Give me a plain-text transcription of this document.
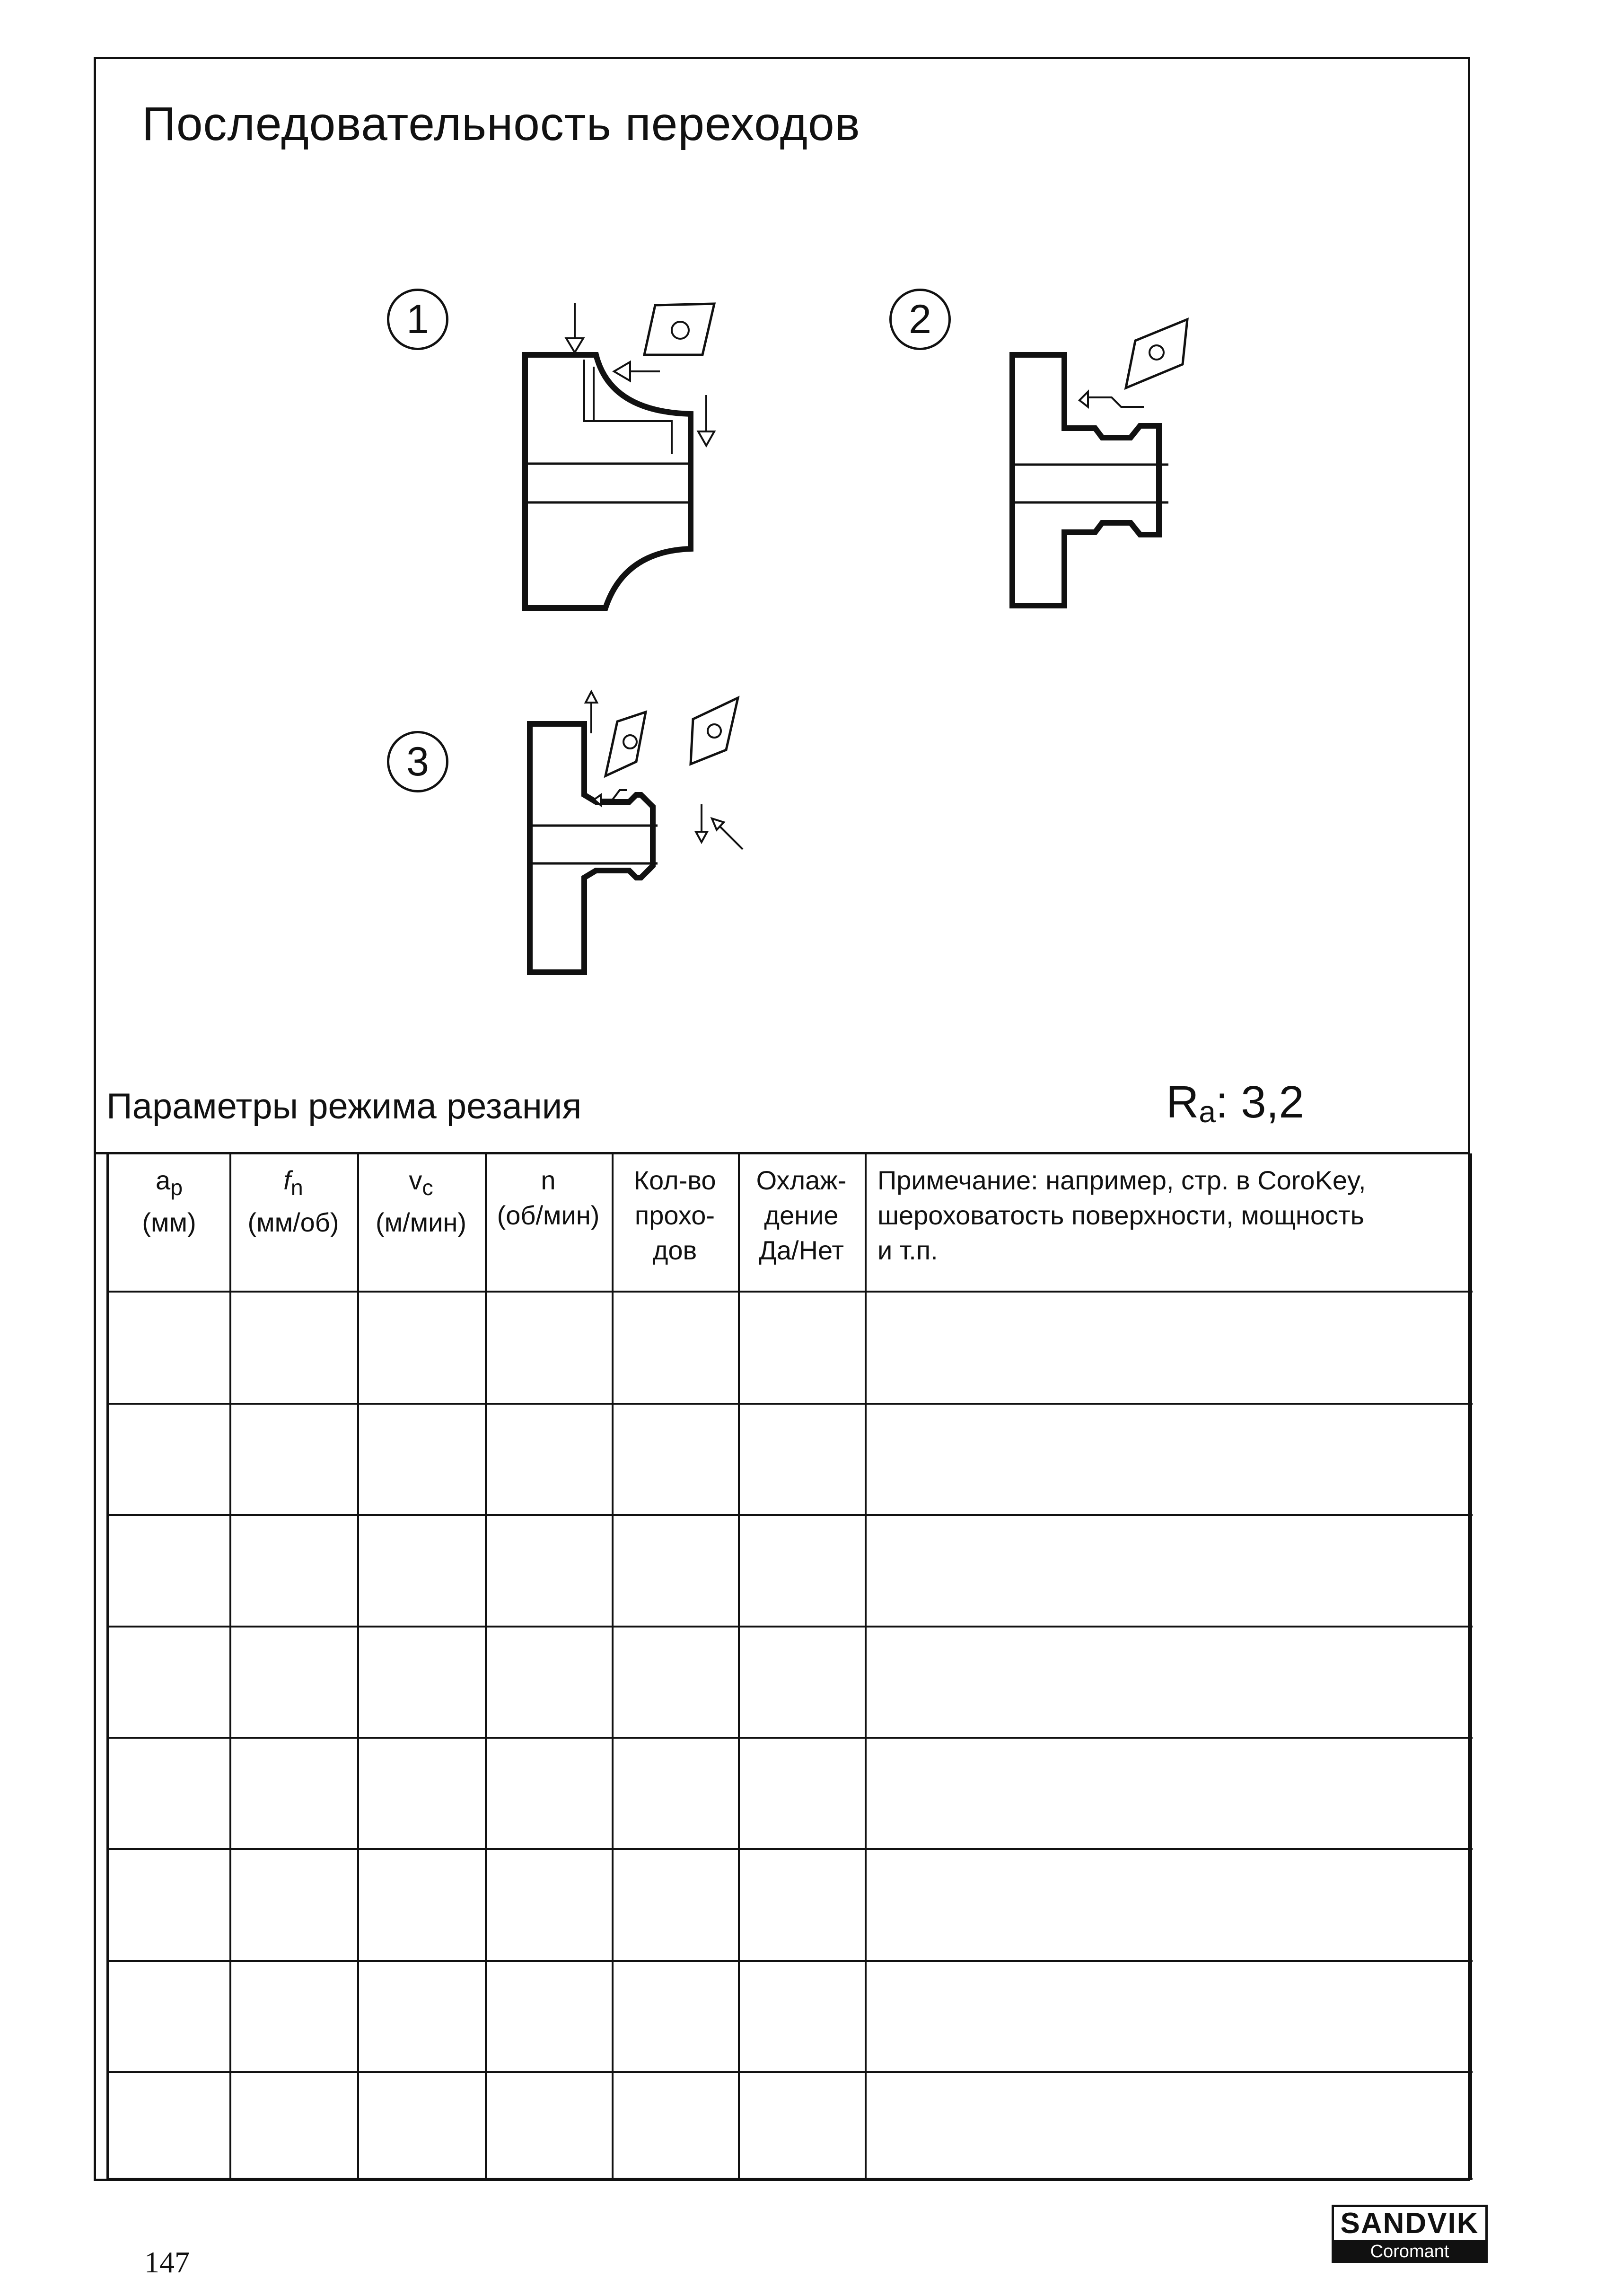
Последовательность переходов
1	2
3
Параметры режима резания	$R_a$: 3,2
$a_p$
(мм)
$f_n$
(мм/об)
$v_c$
(м/мин)
n
(об/мин)
Кол-во
прохо-
дов
Охлаж-
дение
Да/Нет
Примечание: например, стр. в CoroKey,
шероховатость поверхности, мощность
и т.п.
147
SANDVIK
Coromant
